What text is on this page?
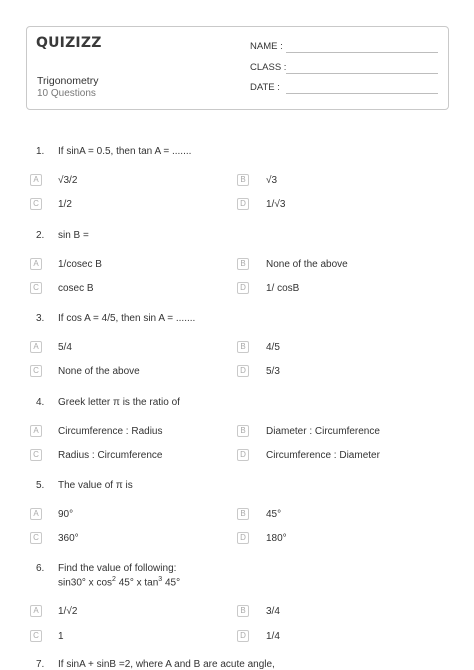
QUIZIZZ
Trigonometry
10 Questions
NAME :
CLASS :
DATE :
1. If sinA = 0.5, then tan A = .......
A	√3/2	B	√3
C	1/2	D	1/√3
2. sin B =
A	1/cosec B	B	None of the above
C	cosec B	D	1/ cosB
3. If cos A = 4/5, then sin A = .......
A	5/4	B	4/5
C	None of the above	D	5/3
4. Greek letter π is the ratio of
A	Circumference : Radius	B	Diameter : Circumference
C	Radius : Circumference	D	Circumference : Diameter
5. The value of π is
A	90°	B	45°
C	360°	D	180°
6. Find the value of following:
sin30° x $\cos^2 45^\circ$ x $\tan^3 45^\circ$
A	1/√2	B	3/4
C	1	D	1/4
7. If sinA + sinB =2, where A and B are acute angle,
